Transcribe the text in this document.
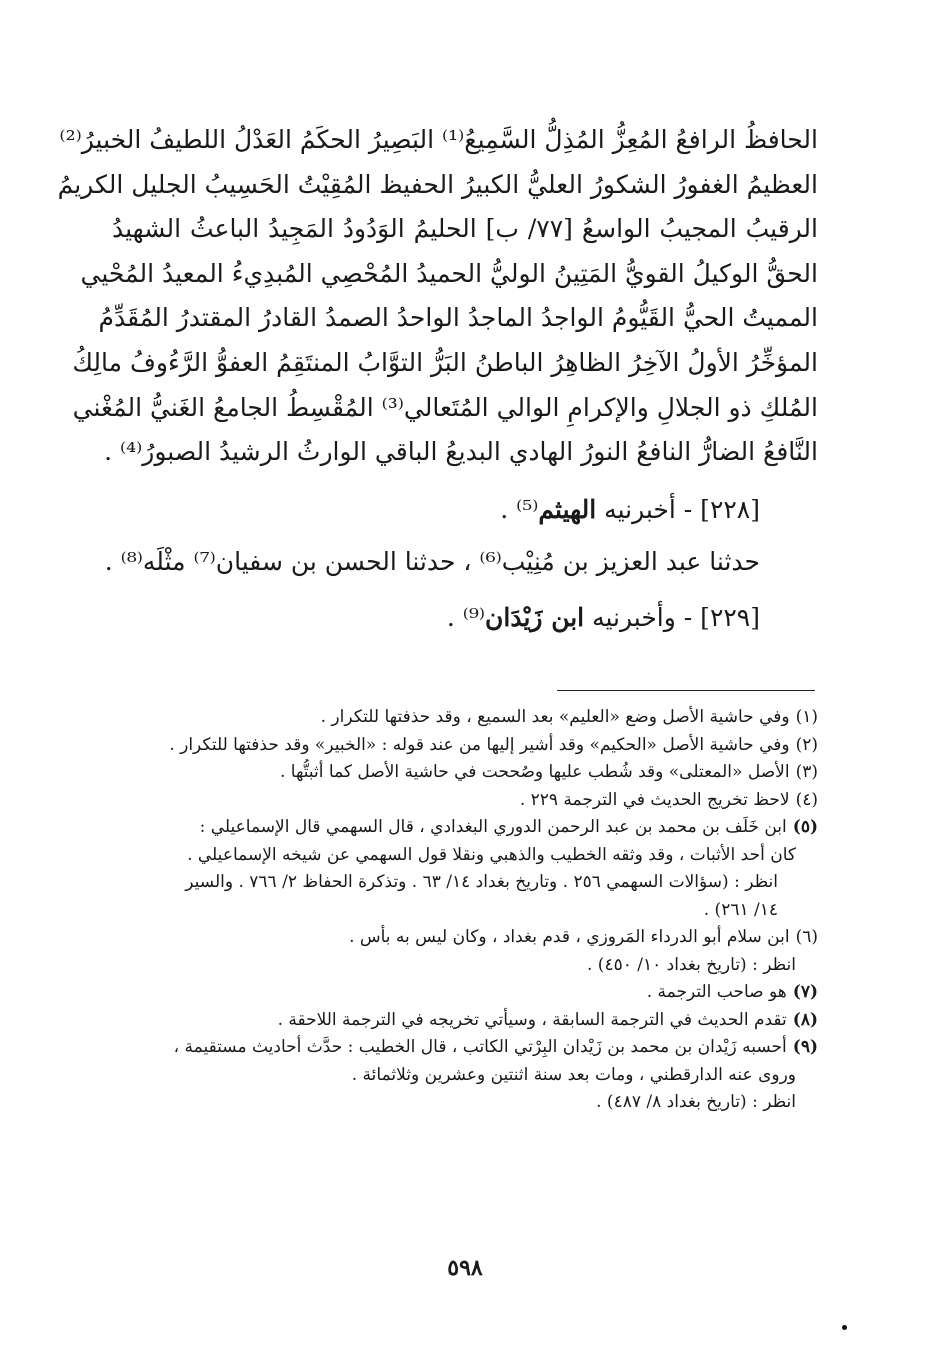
الحافظُ الرافعُ المُعِزُّ المُذِلُّ السَّمِيعُ⁽¹⁾ البَصِيرُ الحكَمُ العَدْلُ اللطيفُ الخبيرُ⁽²⁾
العظيمُ الغفورُ الشكورُ العليُّ الكبيرُ الحفيظ المُقِيْتُ الحَسِيبُ الجليل الكريمُ
الرقيبُ المجيبُ الواسعُ [٧٧/ ب] الحليمُ الوَدُودُ المَجِيدُ الباعثُ الشهيدُ
الحقُّ الوكيلُ القويُّ المَتِينُ الوليُّ الحميدُ المُحْصِي المُبدِيءُ المعيدُ المُحْيي
المميتُ الحيُّ القَيُّومُ الواجدُ الماجدُ الواحدُ الصمدُ القادرُ المقتدرُ المُقَدِّمُ
المؤخِّرُ الأولُ الآخِرُ الظاهِرُ الباطنُ البَرُّ التوَّابُ المنتَقِمُ العفوُّ الرَّءُوفُ مالِكُ
المُلكِ ذو الجلالِ والإكرامِ الوالي المُتَعالي⁽³⁾ المُقْسِطُ الجامعُ الغَنيُّ المُغْني
النَّافعُ الضارُّ النافعُ النورُ الهادي البديعُ الباقي الوارثُ الرشيدُ الصبورُ⁽⁴⁾ .

[٢٢٨] - أخبرنيه الهيثم⁽⁵⁾ .

حدثنا عبد العزيز بن مُنِيْب⁽⁶⁾ ، حدثنا الحسن بن سفيان⁽⁷⁾ مثْلَه⁽⁸⁾ .

[٢٢٩] - وأخبرنيه ابن زَيْدَان⁽⁹⁾ .

(١)وفي حاشية الأصل وضع «العليم» بعد السميع ، وقد حذفتها للتكرار .
(٢)وفي حاشية الأصل «الحكيم» وقد أشير إليها من عند قوله : «الخبير» وقد حذفتها للتكرار .
(٣)الأصل «المعتلى» وقد شُطب عليها وصُححت في حاشية الأصل كما أثبتُّها .
(٤)لاحظ تخريج الحديث في الترجمة ٢٢٩ .
(٥)ابن خَلَف بن محمد بن عبد الرحمن الدوري البغدادي ، قال السهمي قال الإسماعيلي :
كان أحد الأثبات ، وقد وثقه الخطيب والذهبي ونقلا قول السهمي عن شيخه الإسماعيلي .
انظر : (سؤالات السهمي ٢٥٦ . وتاريخ بغداد ١٤/ ٦٣ . وتذكرة الحفاظ ٢/ ٧٦٦ . والسير
١٤/ ٢٦١) .
(٦)ابن سلام أبو الدرداء المَروزي ، قدم بغداد ، وكان ليس به بأس .
انظر : (تاريخ بغداد ١٠/ ٤٥٠) .
(٧)هو صاحب الترجمة .
(٨)تقدم الحديث في الترجمة السابقة ، وسيأتي تخريجه في الترجمة اللاحقة .
(٩)أحسبه زَيْدان بن محمد بن زَيْدان البِرْتي الكاتب ، قال الخطيب : حدَّث أحاديث مستقيمة ،
وروى عنه الدارقطني ، ومات بعد سنة اثنتين وعشرين وثلاثمائة .
انظر : (تاريخ بغداد ٨/ ٤٨٧) .
٥٩٨
